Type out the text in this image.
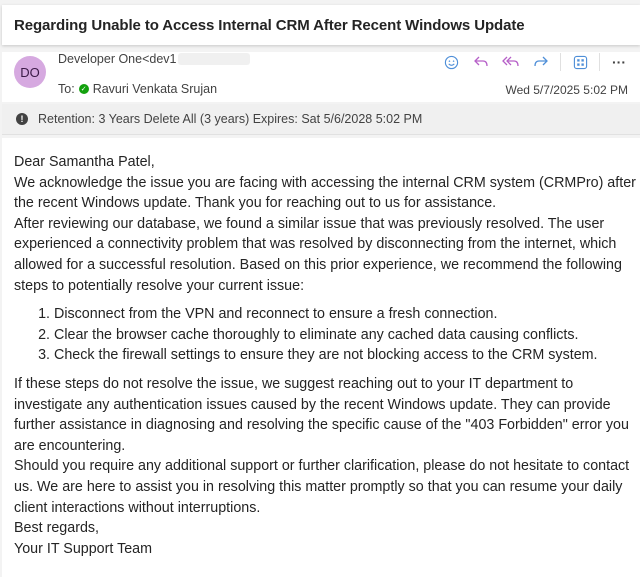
Regarding Unable to Access Internal CRM After Recent Windows Update
DO
Developer One<dev1
To: ✓ Ravuri Venkata Srujan
···
Wed 5/7/2025 5:02 PM
!	Retention: 3 Years Delete All (3 years) Expires: Sat 5/6/2028 5:02 PM

Dear Samantha Patel,

We acknowledge the issue you are facing with accessing the internal CRM system (CRMPro) after the recent Windows update. Thank you for reaching out to us for assistance.

After reviewing our database, we found a similar issue that was previously resolved. The user experienced a connectivity problem that was resolved by disconnecting from the internet, which allowed for a successful resolution. Based on this prior experience, we recommend the following steps to potentially resolve your current issue:

1. Disconnect from the VPN and reconnect to ensure a fresh connection.
2. Clear the browser cache thoroughly to eliminate any cached data causing conflicts.
3. Check the firewall settings to ensure they are not blocking access to the CRM system.

If these steps do not resolve the issue, we suggest reaching out to your IT department to investigate any authentication issues caused by the recent Windows update. They can provide further assistance in diagnosing and resolving the specific cause of the "403 Forbidden" error you are encountering.

Should you require any additional support or further clarification, please do not hesitate to contact us. We are here to assist you in resolving this matter promptly so that you can resume your daily client interactions without interruptions.

Best regards,

Your IT Support Team
